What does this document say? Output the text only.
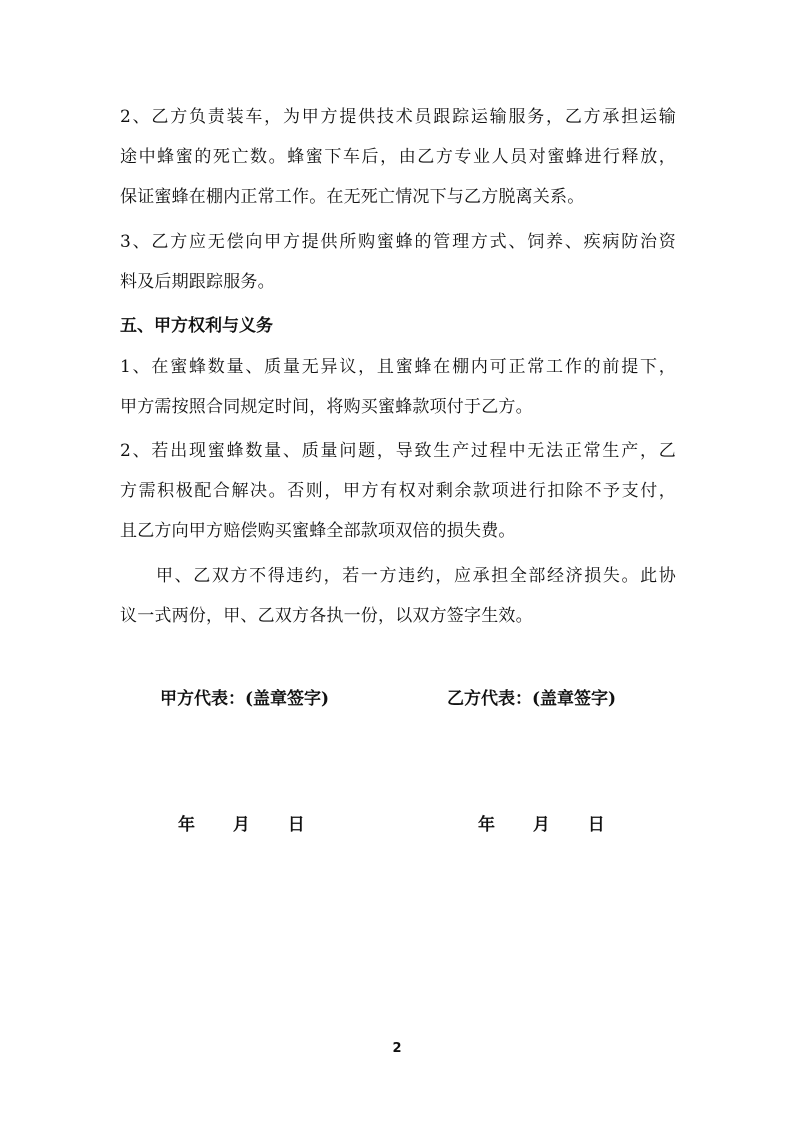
2、乙方负责装车，为甲方提供技术员跟踪运输服务，乙方承担运输
途中蜂蜜的死亡数。蜂蜜下车后，由乙方专业人员对蜜蜂进行释放，
保证蜜蜂在棚内正常工作。在无死亡情况下与乙方脱离关系。
3、乙方应无偿向甲方提供所购蜜蜂的管理方式、饲养、疾病防治资
料及后期跟踪服务。
五、甲方权利与义务
1、在蜜蜂数量、质量无异议，且蜜蜂在棚内可正常工作的前提下，
甲方需按照合同规定时间，将购买蜜蜂款项付于乙方。
2、若出现蜜蜂数量、质量问题，导致生产过程中无法正常生产，乙
方需积极配合解决。否则，甲方有权对剩余款项进行扣除不予支付，
且乙方向甲方赔偿购买蜜蜂全部款项双倍的损失费。
甲、乙双方不得违约，若一方违约，应承担全部经济损失。此协
议一式两份，甲、乙双方各执一份，以双方签字生效。
甲方代表：(盖章签字)	乙方代表：(盖章签字)
年 月 日	年 月 日
2
